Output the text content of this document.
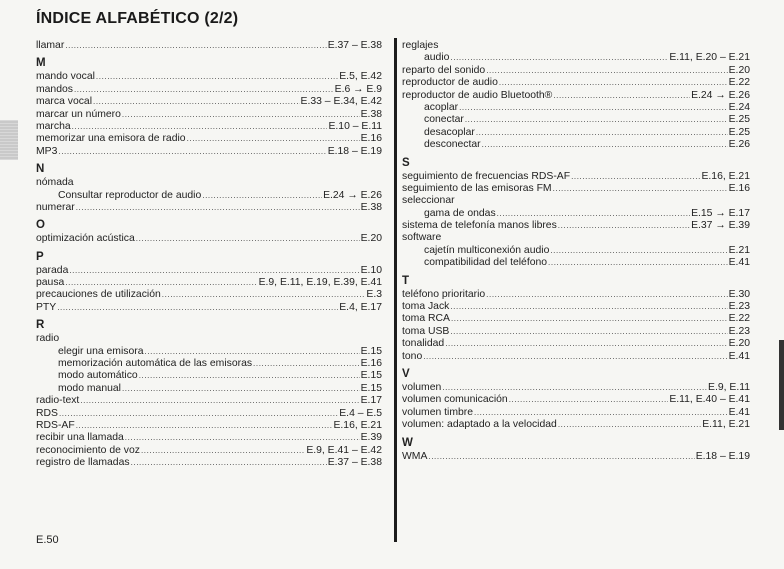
ÍNDICE ALFABÉTICO (2/2)
llamar .....	E.37 – E.38
M
mando vocal .....	E.5, E.42
mandos .....	E.6 → E.9
marca vocal .....	E.33 – E.34, E.42
marcar un número .....	E.38
marcha .....	E.10 – E.11
memorizar una emisora de radio .....	E.16
MP3 .....	E.18 – E.19
N
nómada
Consultar reproductor de audio .....	E.24 → E.26
numerar .....	E.38
O
optimización acústica .....	E.20
P
parada .....	E.10
pausa .....	E.9, E.11, E.19, E.39, E.41
precauciones de utilización .....	E.3
PTY .....	E.4, E.17
R
radio
elegir una emisora .....	E.15
memorización automática de las emisoras .....	E.16
modo automático .....	E.15
modo manual .....	E.15
radio-text .....	E.17
RDS .....	E.4 – E.5
RDS-AF .....	E.16, E.21
recibir una llamada .....	E.39
reconocimiento de voz .....	E.9, E.41 – E.42
registro de llamadas .....	E.37 – E.38
reglajes
audio .....	E.11, E.20 – E.21
reparto del sonido .....	E.20
reproductor de audio .....	E.22
reproductor de audio Bluetooth® .....	E.24 → E.26
acoplar .....	E.24
conectar .....	E.25
desacoplar .....	E.25
desconectar .....	E.26
S
seguimiento de frecuencias RDS-AF .....	E.16, E.21
seguimiento de las emisoras FM .....	E.16
seleccionar
gama de ondas .....	E.15 → E.17
sistema de telefonía manos libres .....	E.37 → E.39
software
cajetín multiconexión audio .....	E.21
compatibilidad del teléfono .....	E.41
T
teléfono prioritario .....	E.30
toma Jack .....	E.23
toma RCA .....	E.22
toma USB .....	E.23
tonalidad .....	E.20
tono .....	E.41
V
volumen .....	E.9, E.11
volumen comunicación .....	E.11, E.40 – E.41
volumen timbre .....	E.41
volumen: adaptado a la velocidad .....	E.11, E.21
W
WMA .....	E.18 – E.19
E.50
